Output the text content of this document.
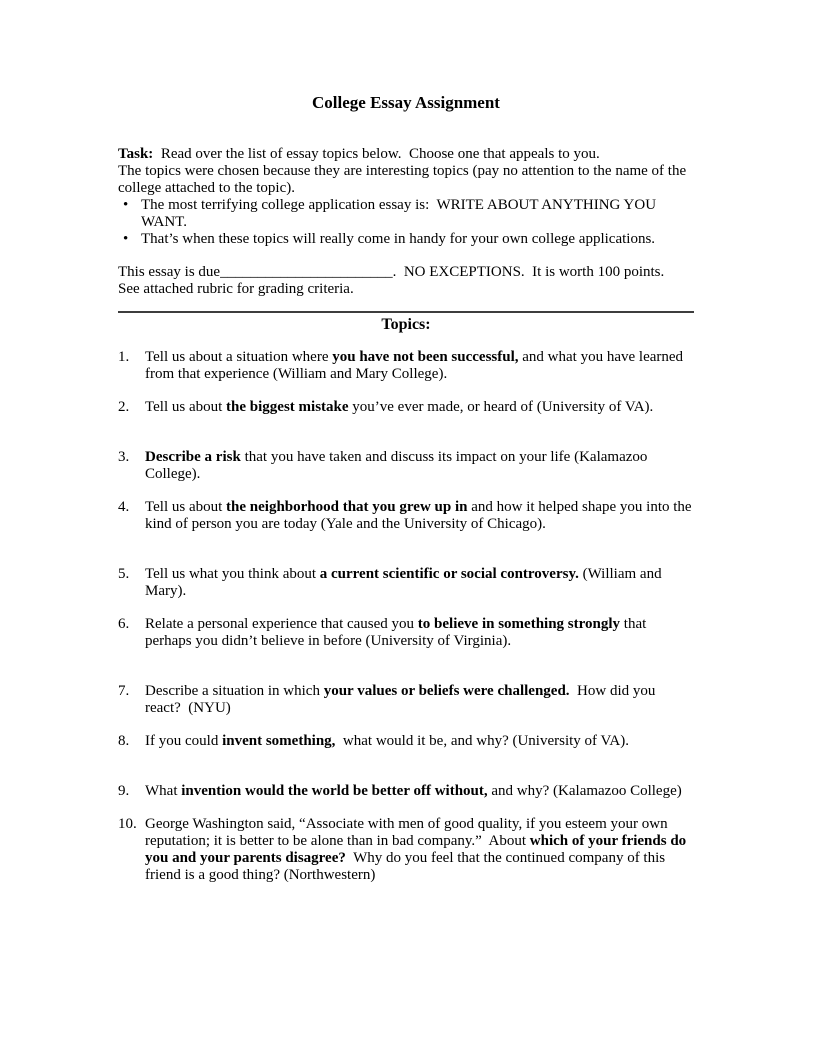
College Essay Assignment

Task:  Read over the list of essay topics below.  Choose one that appeals to you.

The topics were chosen because they are interesting topics (pay no attention to the name of the college attached to the topic).

• The most terrifying college application essay is:  WRITE ABOUT ANYTHING YOU WANT.
• That’s when these topics will really come in handy for your own college applications.
This essay is due_______________________.  NO EXCEPTIONS.  It is worth 100 points.
See attached rubric for grading criteria.
Topics:
1.	Tell us about a situation where you have not been successful, and what you have learned from that experience (William and Mary College).
2.	Tell us about the biggest mistake you’ve ever made, or heard of (University of VA).
3.	Describe a risk that you have taken and discuss its impact on your life (Kalamazoo College).
4.	Tell us about the neighborhood that you grew up in and how it helped shape you into the kind of person you are today (Yale and the University of Chicago).
5.	Tell us what you think about a current scientific or social controversy. (William and Mary).
6.	Relate a personal experience that caused you to believe in something strongly that perhaps you didn’t believe in before (University of Virginia).
7.	Describe a situation in which your values or beliefs were challenged.  How did you react?  (NYU)
8.	If you could invent something,  what would it be, and why? (University of VA).
9.	What invention would the world be better off without, and why? (Kalamazoo College)
10. George Washington said, “Associate with men of good quality, if you esteem your own reputation; it is better to be alone than in bad company.”  About which of your friends do you and your parents disagree?  Why do you feel that the continued company of this friend is a good thing? (Northwestern)
